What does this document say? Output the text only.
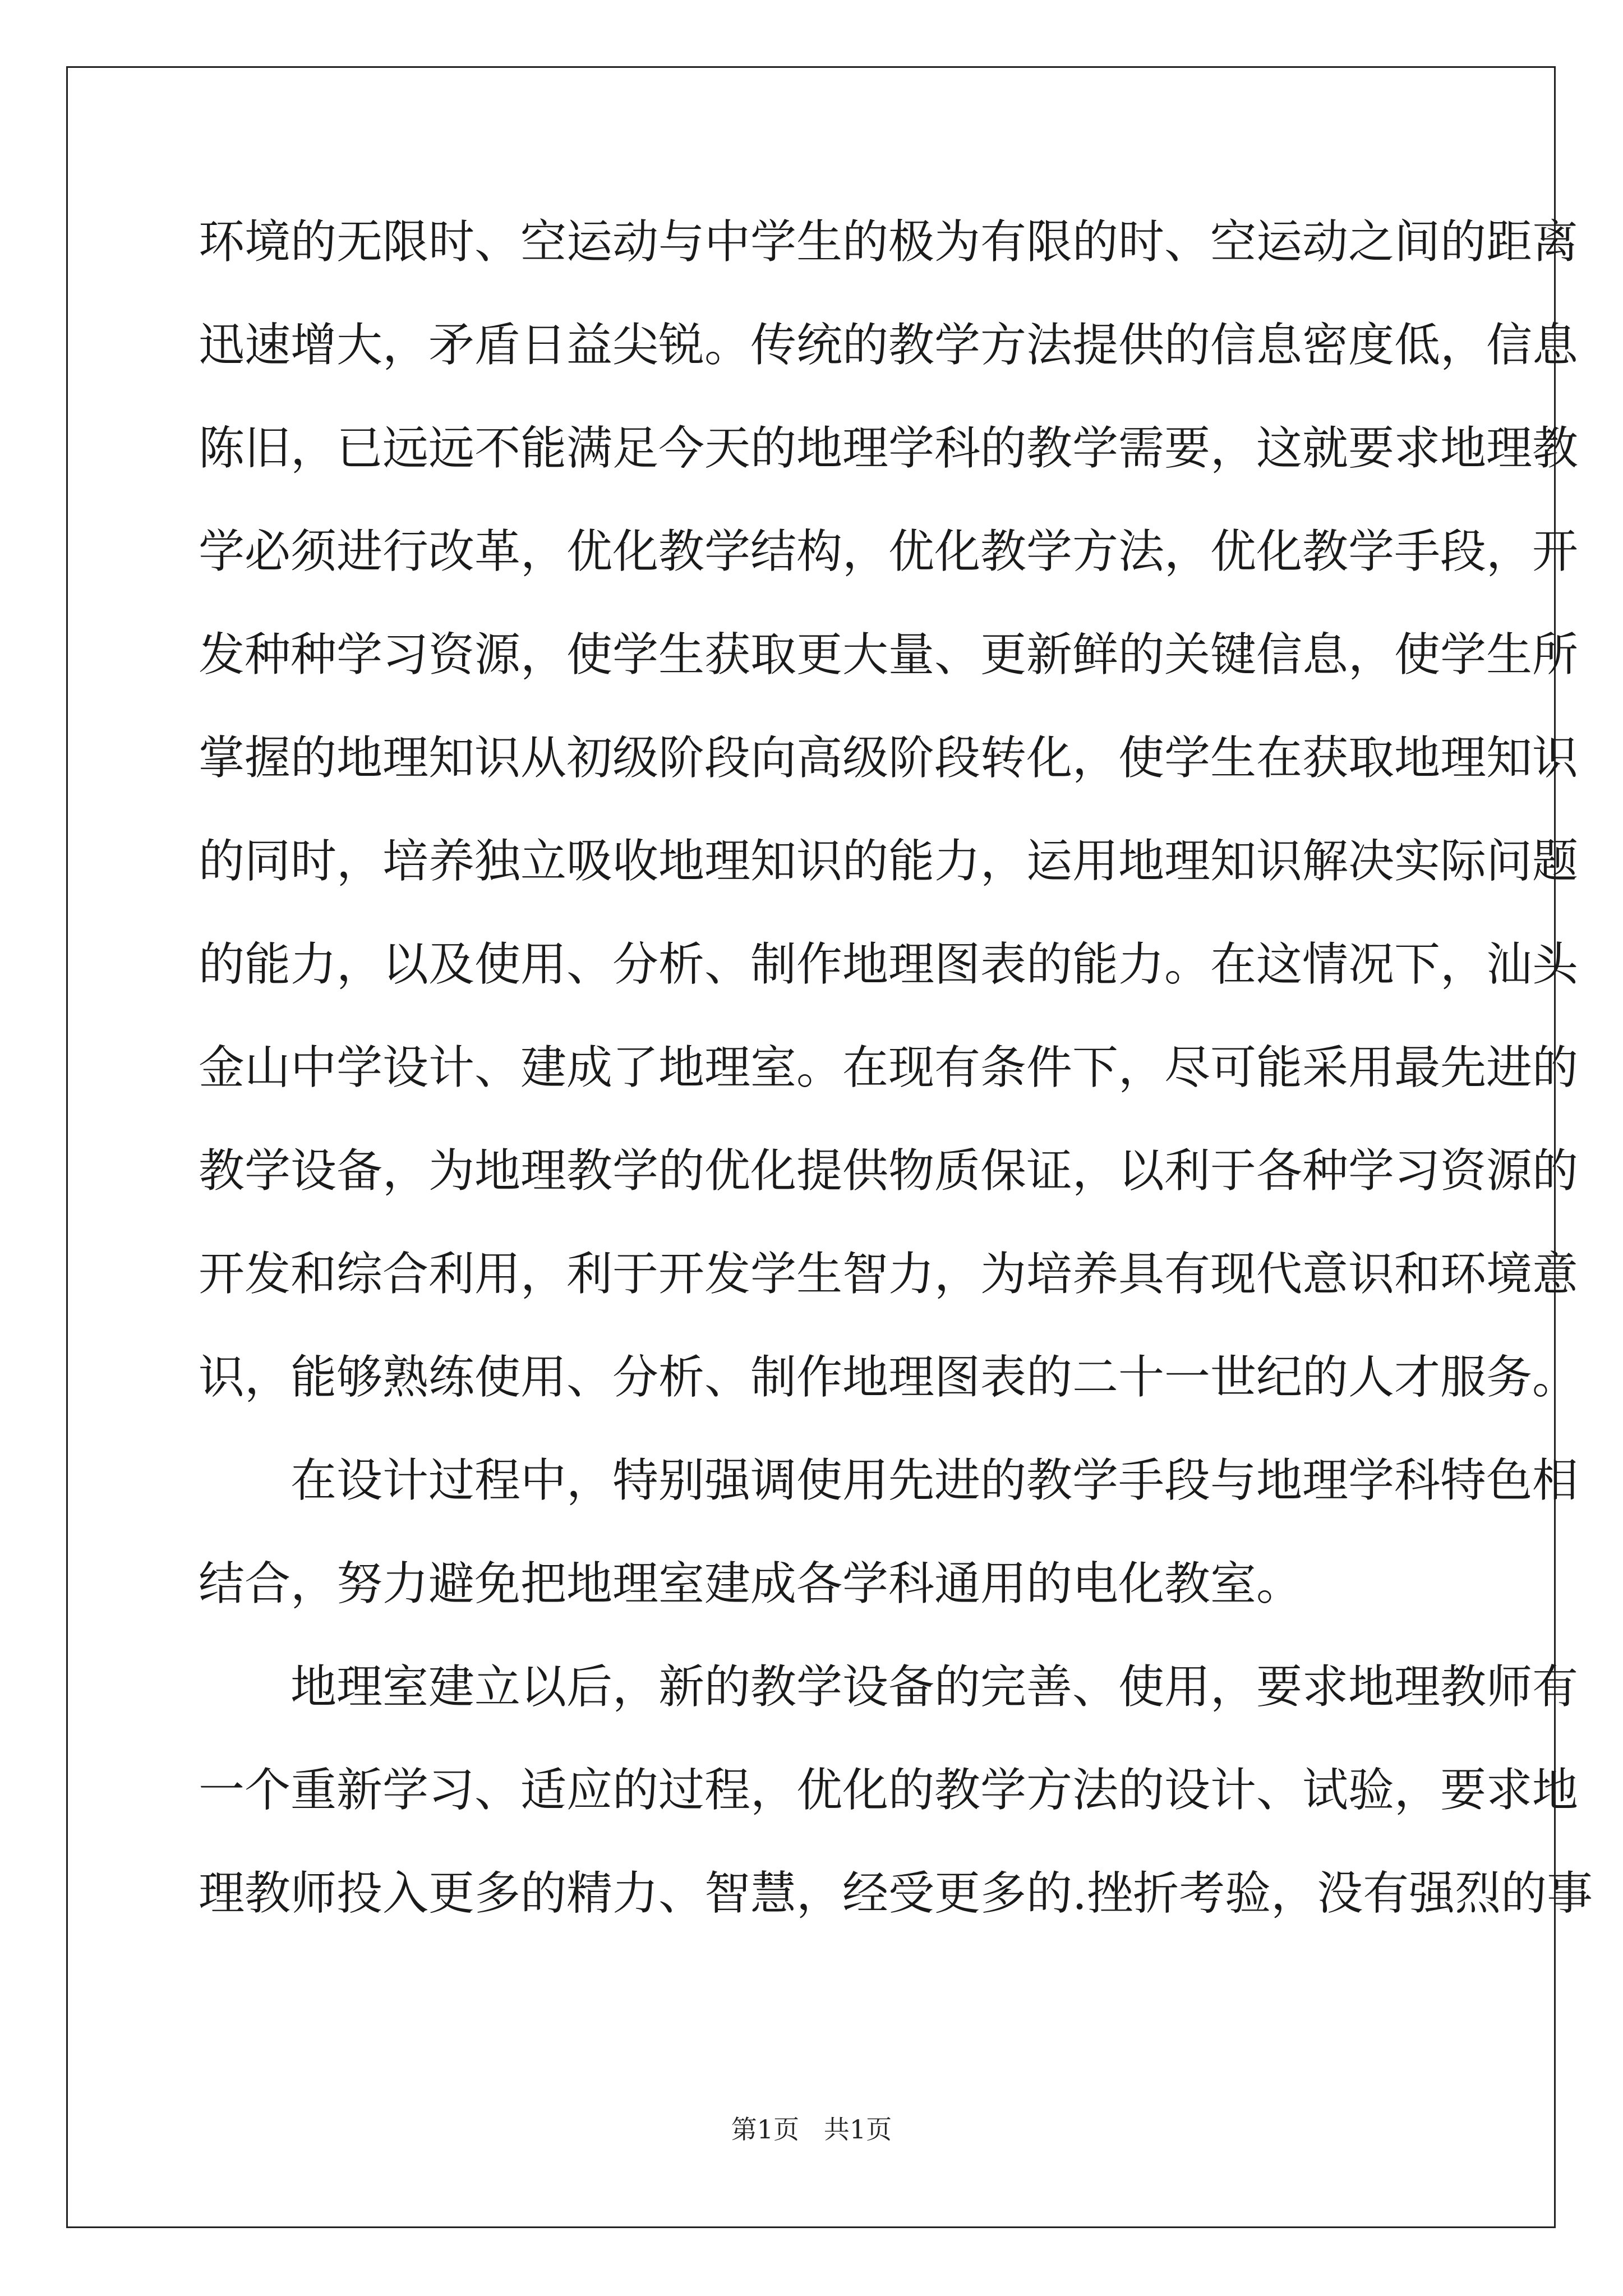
环境的无限时、空运动与中学生的极为有限的时、空运动之间的距离
迅速增大，矛盾日益尖锐。传统的教学方法提供的信息密度低，信息
陈旧，已远远不能满足今天的地理学科的教学需要，这就要求地理教
学必须进行改革，优化教学结构，优化教学方法，优化教学手段，开
发种种学习资源，使学生获取更大量、更新鲜的关键信息，使学生所
掌握的地理知识从初级阶段向高级阶段转化，使学生在获取地理知识
的同时，培养独立吸收地理知识的能力，运用地理知识解决实际问题
的能力，以及使用、分析、制作地理图表的能力。在这情况下，汕头
金山中学设计、建成了地理室。在现有条件下，尽可能采用最先进的
教学设备，为地理教学的优化提供物质保证，以利于各种学习资源的
开发和综合利用，利于开发学生智力，为培养具有现代意识和环境意
识，能够熟练使用、分析、制作地理图表的二十一世纪的人才服务。
在设计过程中，特别强调使用先进的教学手段与地理学科特色相
结合，努力避免把地理室建成各学科通用的电化教室。
地理室建立以后，新的教学设备的完善、使用，要求地理教师有
一个重新学习、适应的过程，优化的教学方法的设计、试验，要求地
理教师投入更多的精力、智慧，经受更多的.挫折考验，没有强烈的事
第1页   共1页
